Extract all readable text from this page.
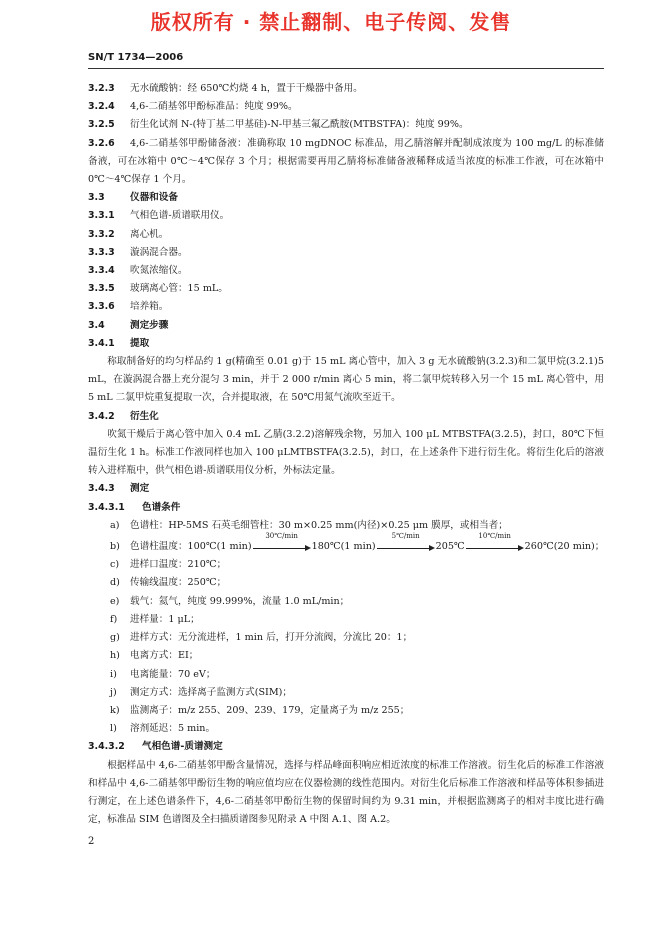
版权所有 · 禁止翻制、电子传阅、发售
SN/T 1734—2006
3.2.3 无水硫酸钠：经 650℃灼烧 4 h，置于干燥器中备用。
3.2.4 4,6-二硝基邻甲酚标准品：纯度 99%。
3.2.5 衍生化试剂 N-(特丁基二甲基硅)-N-甲基三氟乙酰胺(MTBSTFA)：纯度 99%。
3.2.6 4,6-二硝基邻甲酚储备液：准确称取 10 mgDNOC 标准品，用乙腈溶解并配制成浓度为 100 mg/L 的标准储备液，可在冰箱中 0℃～4℃保存 3 个月；根据需要再用乙腈将标准储备液稀释成适当浓度的标准工作液，可在冰箱中 0℃～4℃保存 1 个月。
3.3	仪器和设备
3.3.1 气相色谱-质谱联用仪。
3.3.2 离心机。
3.3.3 漩涡混合器。
3.3.4 吹氮浓缩仪。
3.3.5 玻璃离心管：15 mL。
3.3.6 培养箱。
3.4	测定步骤
3.4.1 提取
称取制备好的均匀样品约 1 g(精确至 0.01 g)于 15 mL 离心管中，加入 3 g 无水硫酸钠(3.2.3)和二氯甲烷(3.2.1)5 mL，在漩涡混合器上充分混匀 3 min，并于 2 000 r/min 离心 5 min，将二氯甲烷转移入另一个 15 mL 离心管中，用 5 mL 二氯甲烷重复提取一次，合并提取液，在 50℃用氮气流吹至近干。
3.4.2 衍生化
吹氮干燥后于离心管中加入 0.4 mL 乙腈(3.2.2)溶解残余物，另加入 100 μL MTBSTFA(3.2.5)，封口，80℃下恒温衍生化 1 h。标准工作液同样也加入 100 μLMTBSTFA(3.2.5)，封口，在上述条件下进行衍生化。将衍生化后的溶液转入进样瓶中，供气相色谱-质谱联用仪分析，外标法定量。
3.4.3 测定
3.4.3.1 色谱条件
a) 色谱柱：HP-5MS 石英毛细管柱：30 m×0.25 mm(内径)×0.25 μm 膜厚，或相当者；
b) 色谱柱温度：100℃(1 min)
30℃/min
180℃(1 min)
5℃/min
205℃
10℃/min
260℃(20 min)；
c) 进样口温度：210℃；
d) 传输线温度：250℃；
e) 载气：氦气，纯度 99.999%，流量 1.0 mL/min；
f) 进样量：1 μL；
g) 进样方式：无分流进样，1 min 后，打开分流阀，分流比 20：1；
h) 电离方式：EI；
i) 电离能量：70 eV；
j) 测定方式：选择离子监测方式(SIM)；
k) 监测离子：m/z 255、209、239、179，定量离子为 m/z 255；
l) 溶剂延迟：5 min。
3.4.3.2 气相色谱-质谱测定
根据样品中 4,6-二硝基邻甲酚含量情况，选择与样品峰面积响应相近浓度的标准工作溶液。衍生化后的标准工作溶液和样品中 4,6-二硝基邻甲酚衍生物的响应值均应在仪器检测的线性范围内。对衍生化后标准工作溶液和样品等体积参插进行测定，在上述色谱条件下，4,6-二硝基邻甲酚衍生物的保留时间约为 9.31 min，并根据监测离子的相对丰度比进行确定，标准品 SIM 色谱图及全扫描质谱图参见附录 A 中图 A.1、图 A.2。
2
